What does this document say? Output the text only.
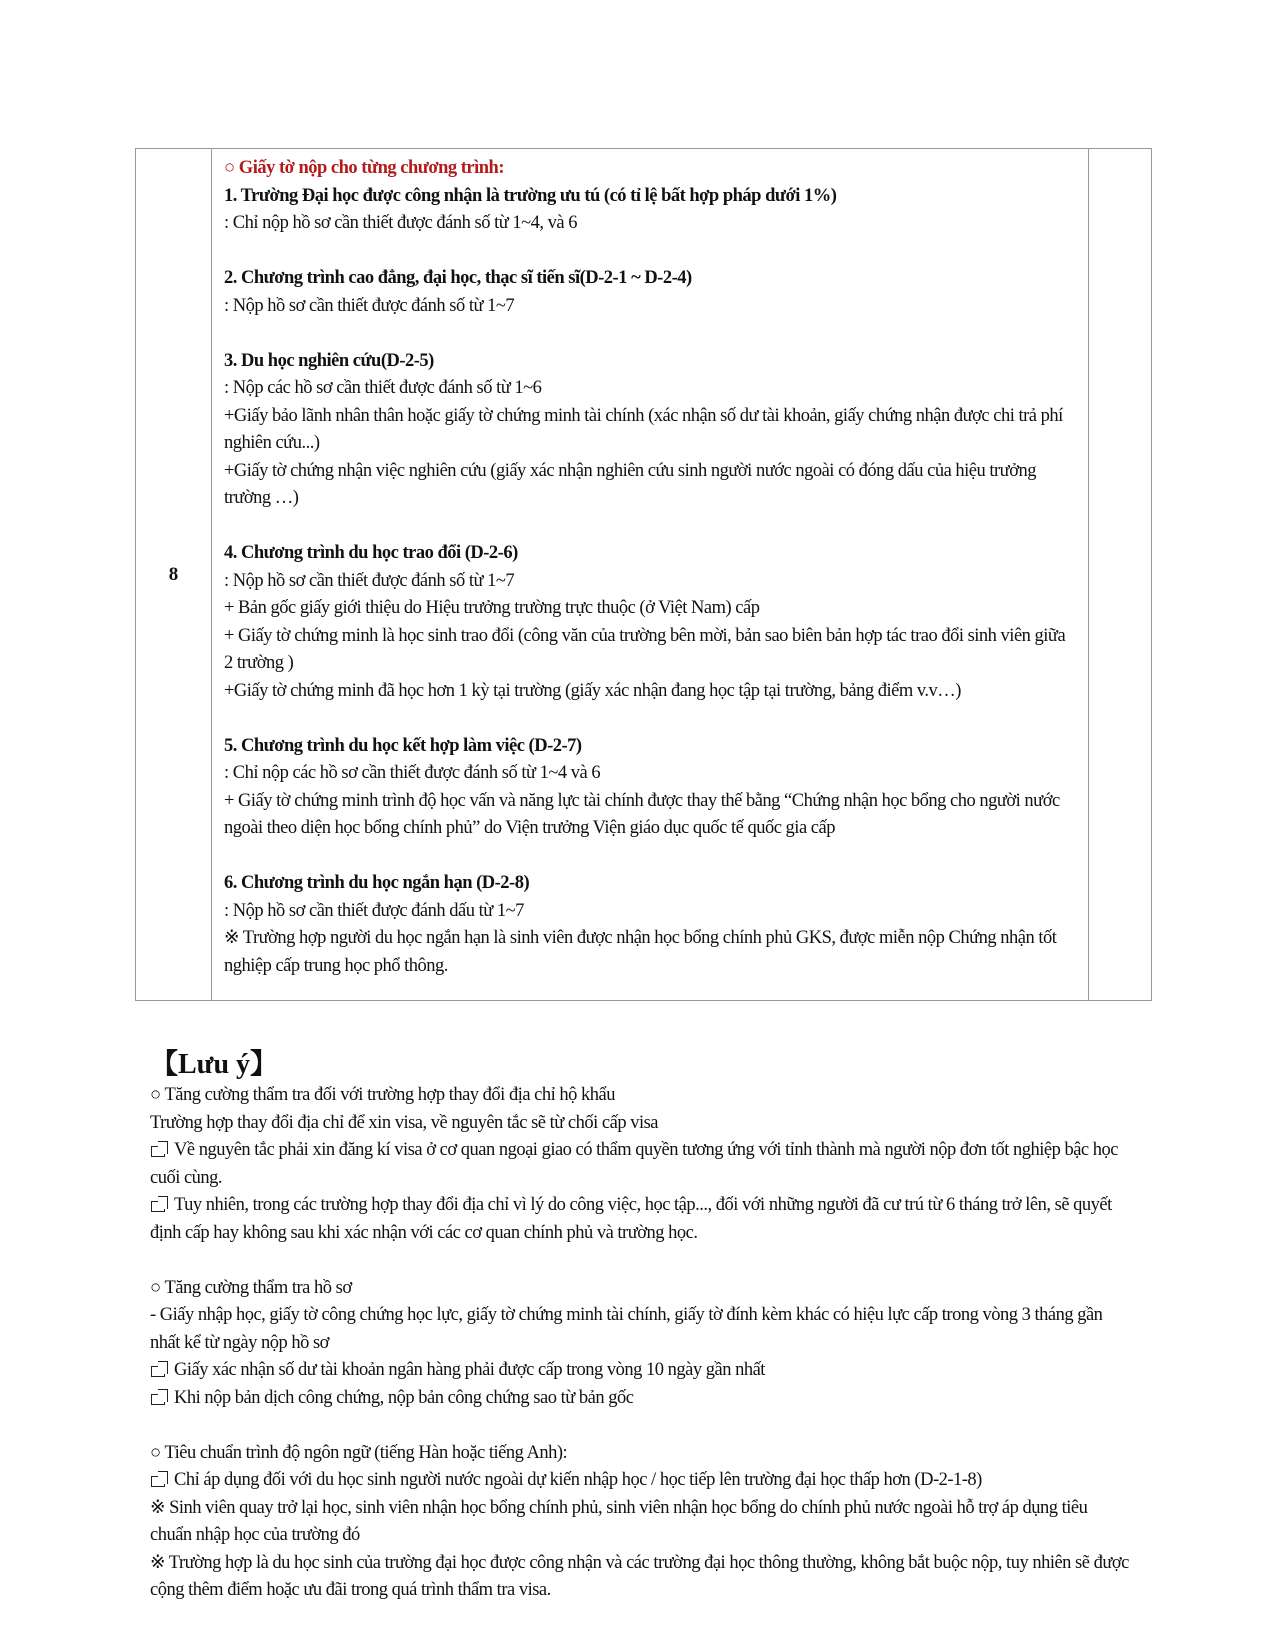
8	
○ Giấy tờ nộp cho từng chương trình:
1. Trường Đại học được công nhận là trường ưu tú (có tỉ lệ bất hợp pháp dưới 1%)
: Chỉ nộp hồ sơ cần thiết được đánh số từ 1~4, và 6
2. Chương trình cao đẳng, đại học, thạc sĩ tiến sĩ(D-2-1 ~ D-2-4)
: Nộp hồ sơ cần thiết được đánh số từ 1~7
3. Du học nghiên cứu(D-2-5)
: Nộp các hồ sơ cần thiết được đánh số từ 1~6
+Giấy bảo lãnh nhân thân hoặc giấy tờ chứng minh tài chính (xác nhận số dư tài khoản, giấy chứng nhận được chi trả phí nghiên cứu...)
+Giấy tờ chứng nhận việc nghiên cứu (giấy xác nhận nghiên cứu sinh người nước ngoài có đóng dấu của hiệu trưởng trường …)
4. Chương trình du học trao đổi (D-2-6)
: Nộp hồ sơ cần thiết được đánh số từ 1~7
+ Bản gốc giấy giới thiệu do Hiệu trưởng trường trực thuộc (ở Việt Nam) cấp
+ Giấy tờ chứng minh là học sinh trao đổi (công văn của trường bên mời, bản sao biên bản hợp tác trao đổi sinh viên giữa 2 trường )
+Giấy tờ chứng minh đã học hơn 1 kỳ tại trường (giấy xác nhận đang học tập tại trường, bảng điểm v.v…)
5. Chương trình du học kết hợp làm việc (D-2-7)
: Chỉ nộp các hồ sơ cần thiết được đánh số từ 1~4 và 6
+ Giấy tờ chứng minh trình độ học vấn và năng lực tài chính được thay thế bằng “Chứng nhận học bổng cho người nước ngoài theo diện học bổng chính phủ” do Viện trưởng Viện giáo dục quốc tế quốc gia cấp
6. Chương trình du học ngắn hạn (D-2-8)
: Nộp hồ sơ cần thiết được đánh dấu từ 1~7
※ Trường hợp người du học ngắn hạn là sinh viên được nhận học bổng chính phủ GKS, được miễn nộp Chứng nhận tốt nghiệp cấp trung học phổ thông.

【Lưu ý】
○ Tăng cường thẩm tra đối với trường hợp thay đổi địa chỉ hộ khẩu
Trường hợp thay đổi địa chỉ để xin visa, về nguyên tắc sẽ từ chối cấp visa
Về nguyên tắc phải xin đăng kí visa ở cơ quan ngoại giao có thẩm quyền tương ứng với tỉnh thành mà người nộp đơn tốt nghiệp bậc học cuối cùng.
Tuy nhiên, trong các trường hợp thay đổi địa chỉ vì lý do công việc, học tập..., đối với những người đã cư trú từ 6 tháng trở lên, sẽ quyết định cấp hay không sau khi xác nhận với các cơ quan chính phủ và trường học.
○ Tăng cường thẩm tra hồ sơ
- Giấy nhập học, giấy tờ công chứng học lực, giấy tờ chứng minh tài chính, giấy tờ đính kèm khác có hiệu lực cấp trong vòng 3 tháng gần nhất kể từ ngày nộp hồ sơ
Giấy xác nhận số dư tài khoản ngân hàng phải được cấp trong vòng 10 ngày gần nhất
Khi nộp bản dịch công chứng, nộp bản công chứng sao từ bản gốc
○ Tiêu chuẩn trình độ ngôn ngữ (tiếng Hàn hoặc tiếng Anh):
Chỉ áp dụng đối với du học sinh người nước ngoài dự kiến nhập học / học tiếp lên trường đại học thấp hơn (D-2-1-8)
※ Sinh viên quay trở lại học, sinh viên nhận học bổng chính phủ, sinh viên nhận học bổng do chính phủ nước ngoài hỗ trợ áp dụng tiêu chuẩn nhập học của trường đó
※ Trường hợp là du học sinh của trường đại học được công nhận và các trường đại học thông thường, không bắt buộc nộp, tuy nhiên sẽ được cộng thêm điểm hoặc ưu đãi trong quá trình thẩm tra visa.
